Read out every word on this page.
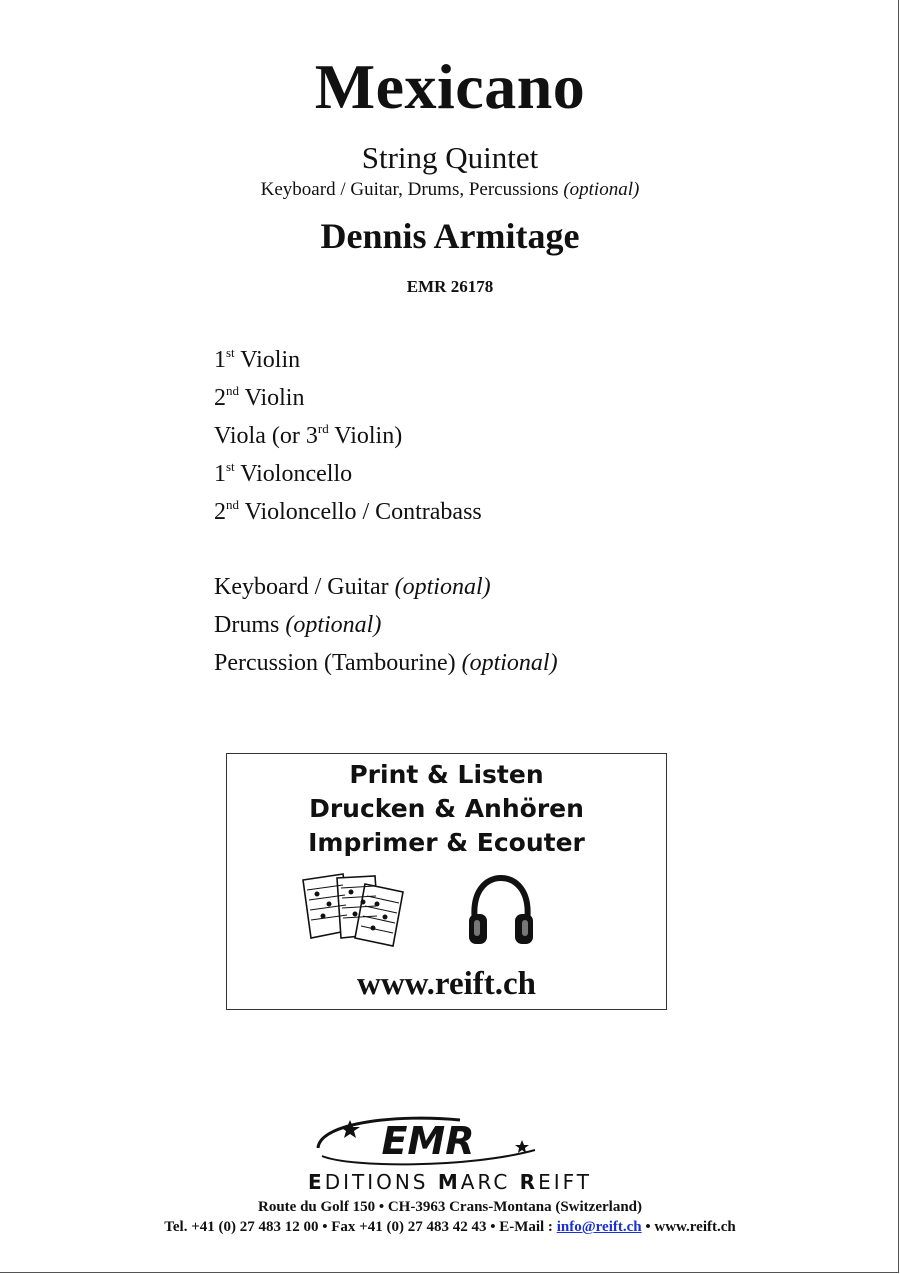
Mexicano
String Quintet
Keyboard / Guitar, Drums, Percussions (optional)
Dennis Armitage
EMR 26178
1st Violin
2nd Violin
Viola (or 3rd Violin)
1st Violoncello
2nd Violoncello / Contrabass
Keyboard / Guitar (optional)
Drums (optional)
Percussion (Tambourine) (optional)
Print & Listen
Drucken & Anhören
Imprimer & Ecouter
www.reift.ch
EMR
EDITIONS MARC REIFT
Route du Golf 150 • CH-3963 Crans-Montana (Switzerland)
Tel. +41 (0) 27 483 12 00 • Fax +41 (0) 27 483 42 43 • E-Mail : info@reift.ch • www.reift.ch
